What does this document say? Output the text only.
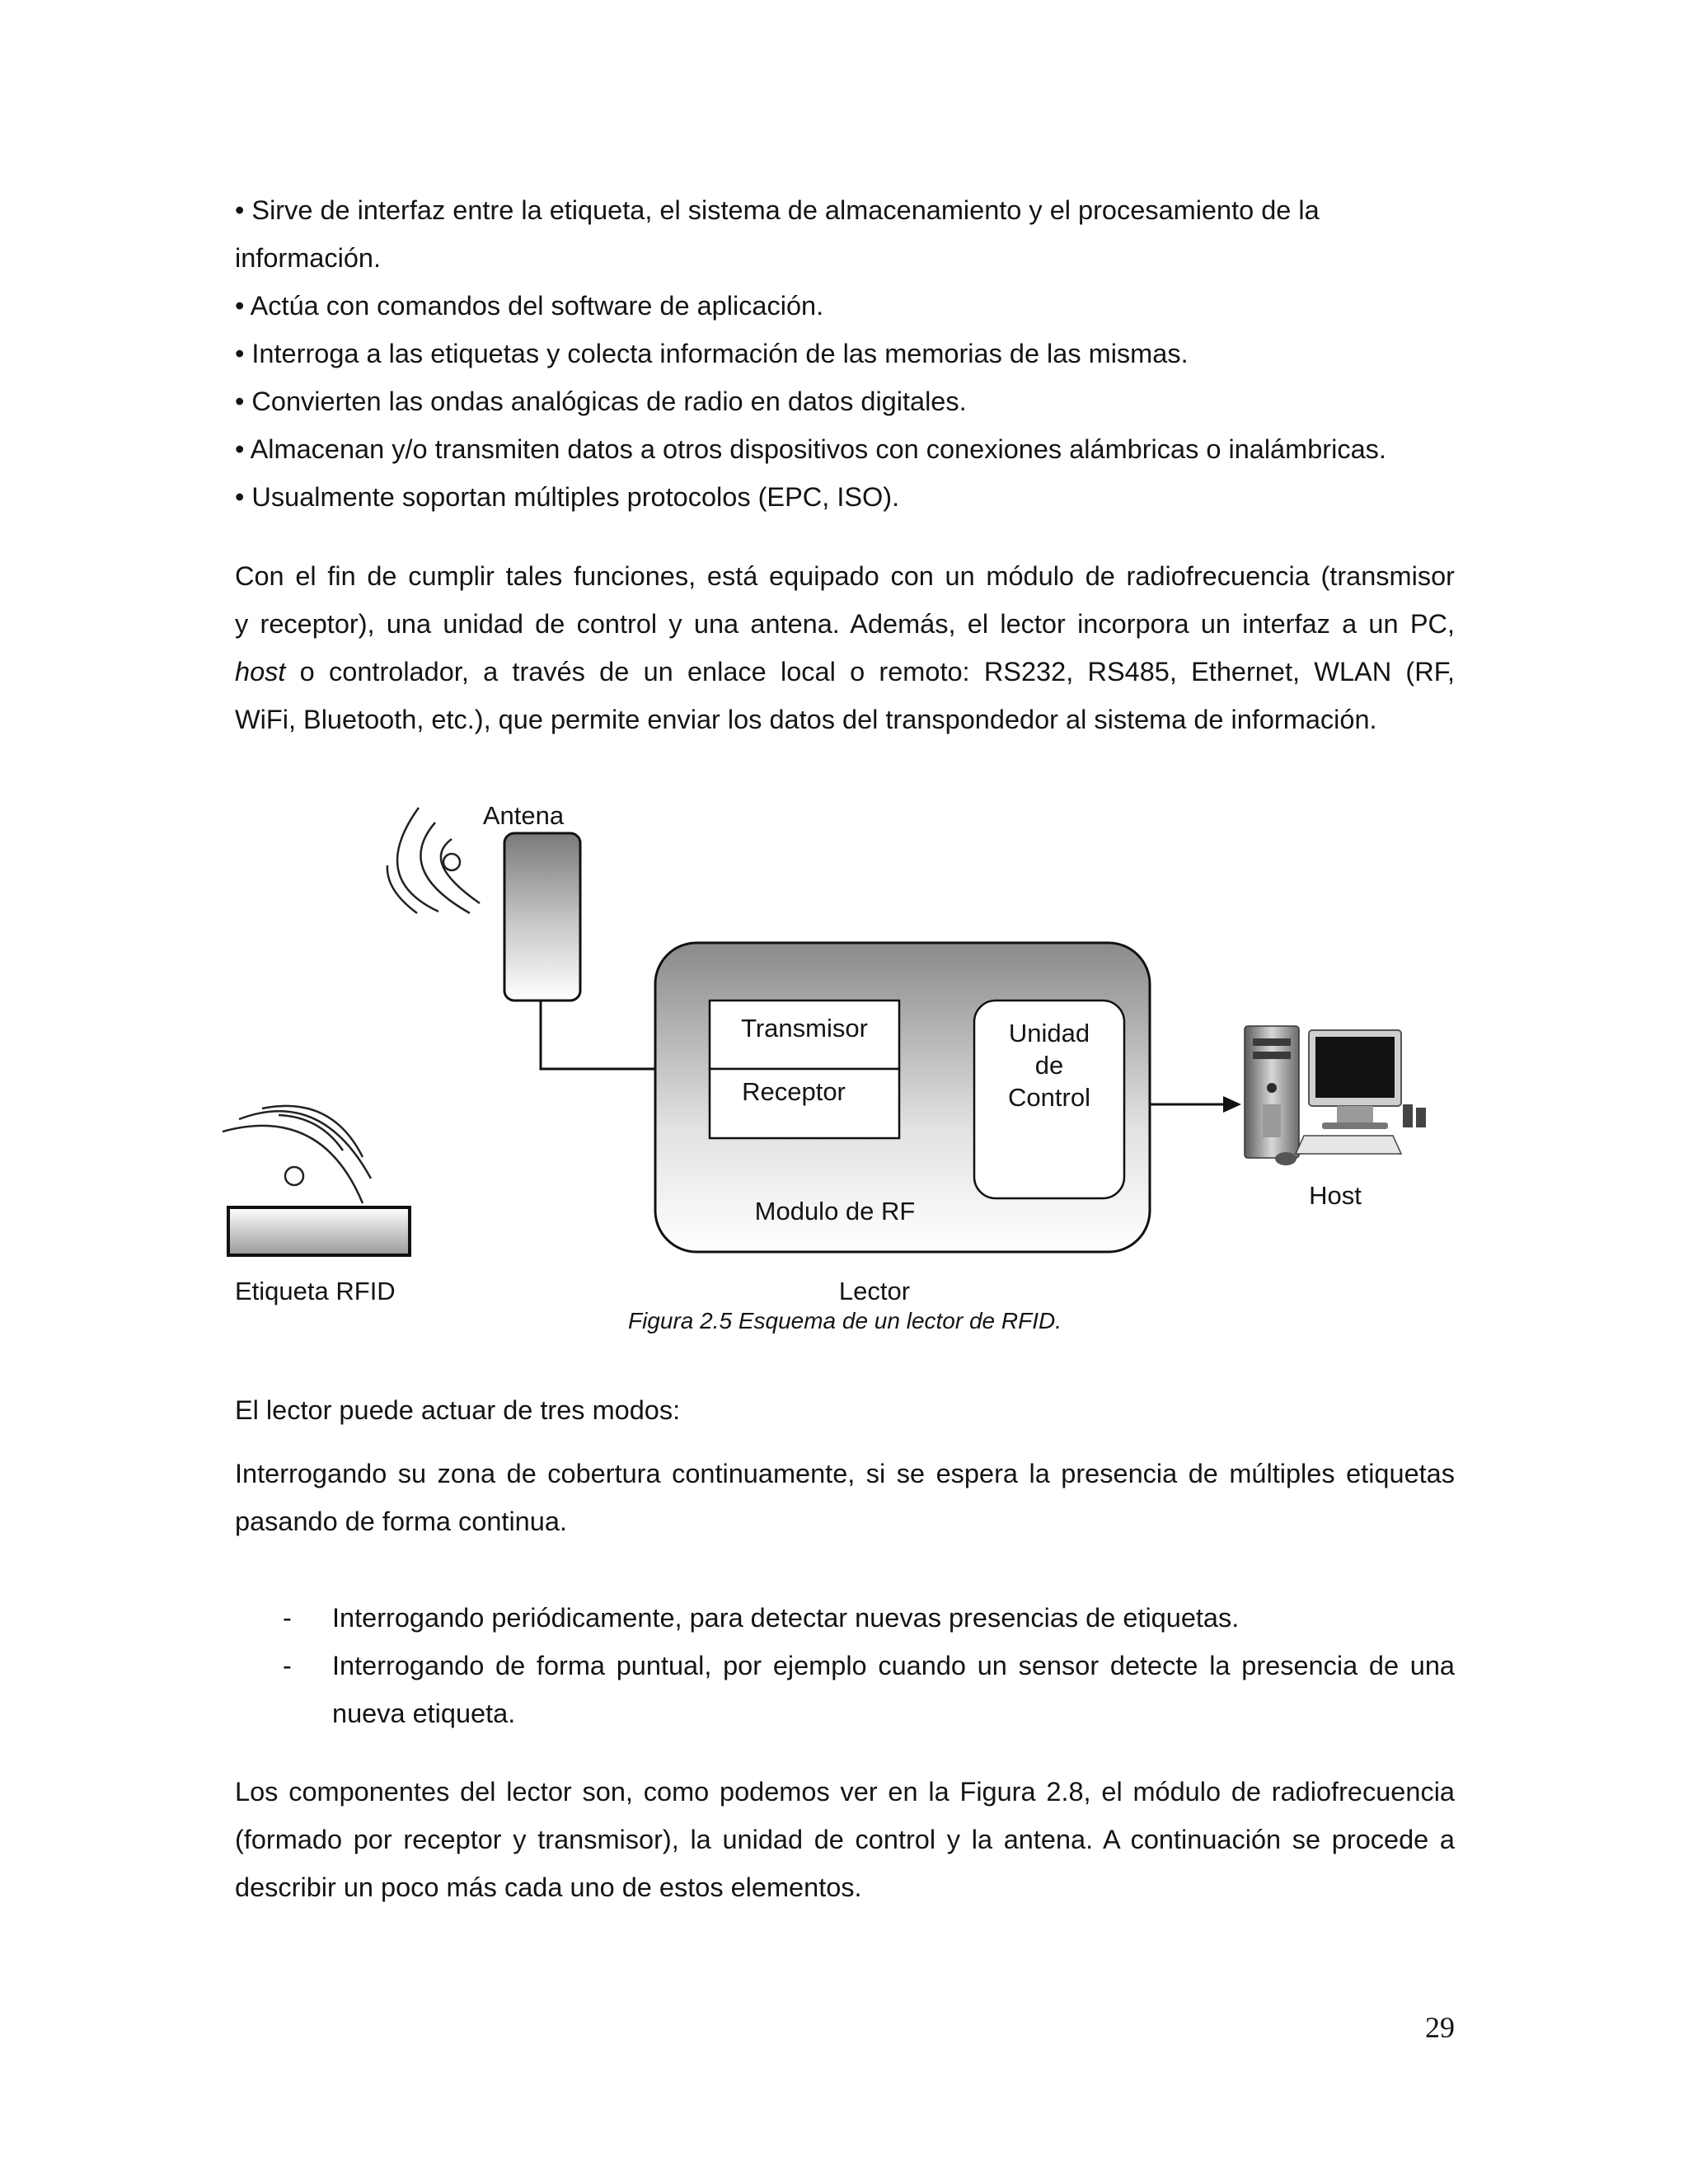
• Sirve de interfaz entre la etiqueta, el sistema de almacenamiento y el procesamiento de la
información.
• Actúa con comandos del software de aplicación.
• Interroga a las etiquetas y colecta información de las memorias de las mismas.
• Convierten las ondas analógicas de radio en datos digitales.
• Almacenan y/o transmiten datos a otros dispositivos con conexiones alámbricas o inalámbricas.
• Usualmente soportan múltiples protocolos (EPC, ISO).
Con el fin de cumplir tales funciones, está equipado con un módulo de radiofrecuencia (transmisor
y receptor), una unidad de control y una antena. Además, el lector incorpora un interfaz a un PC,
host o controlador, a través de un enlace local o remoto: RS232, RS485, Ethernet, WLAN (RF,
WiFi, Bluetooth, etc.), que permite enviar los datos del transpondedor al sistema de información.
Antena
Transmisor
Receptor
Unidad
de
Control
Modulo de RF
Host
Etiqueta RFID	Lector
Figura 2.5 Esquema de un lector de RFID.
El lector puede actuar de tres modos:
Interrogando su zona de cobertura continuamente, si se espera la presencia de múltiples etiquetas
pasando de forma continua.
- Interrogando periódicamente, para detectar nuevas presencias de etiquetas.
- Interrogando de forma puntual, por ejemplo cuando un sensor detecte la presencia de una
nueva etiqueta.
Los componentes del lector son, como podemos ver en la Figura 2.8, el módulo de radiofrecuencia
(formado por receptor y transmisor), la unidad de control y la antena. A continuación se procede a
describir un poco más cada uno de estos elementos.
29
